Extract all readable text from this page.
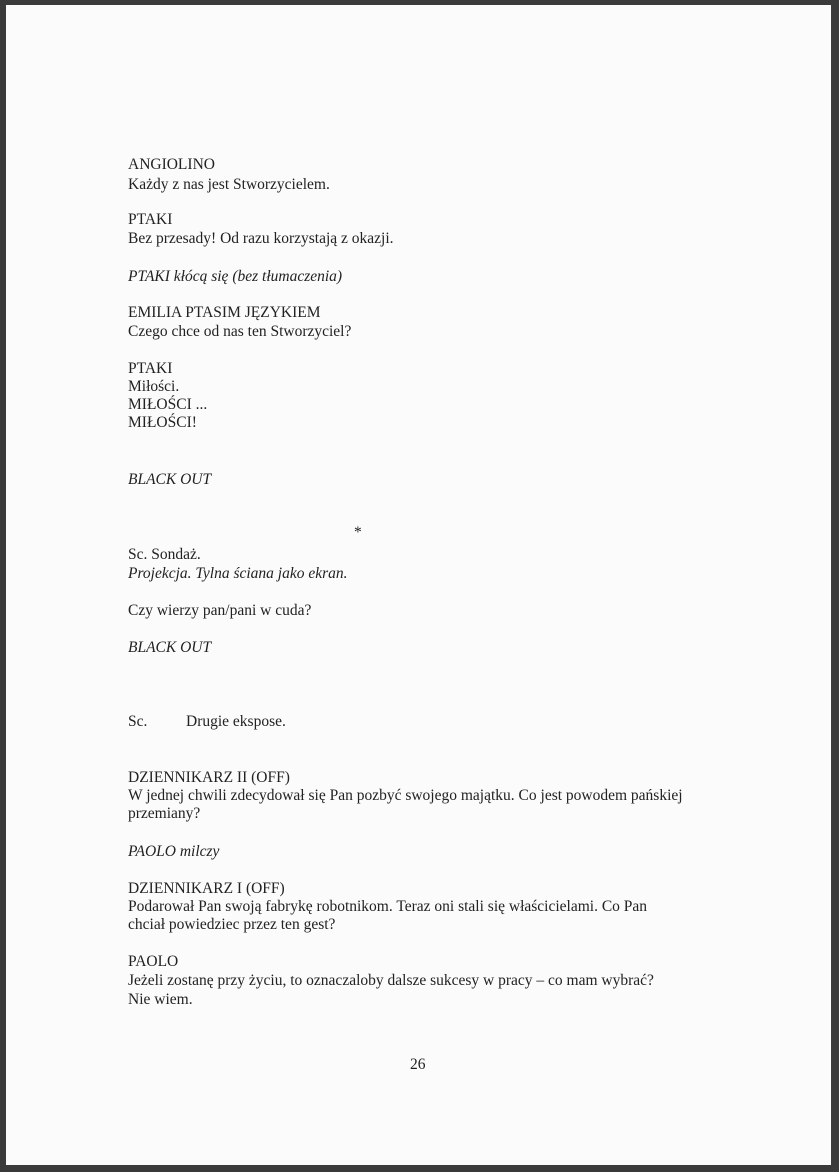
ANGIOLINO

Każdy z nas jest Stworzycielem.

PTAKI

Bez przesady! Od razu korzystają z okazji.

PTAKI kłócą się (bez tłumaczenia)

EMILIA PTASIM JĘZYKIEM

Czego chce od nas ten Stworzyciel?

PTAKI

Miłości.

MIŁOŚCI ...

MIŁOŚCI!

BLACK OUT

*

Sc. Sondaż.

Projekcja. Tylna ściana jako ekran.

Czy wierzy pan/pani w cuda?

BLACK OUT

Sc. Drugie ekspose.

DZIENNIKARZ II (OFF)

W jednej chwili zdecydował się Pan pozbyć swojego majątku. Co jest powodem pańskiej

przemiany?

PAOLO milczy

DZIENNIKARZ I (OFF)

Podarował Pan swoją fabrykę robotnikom. Teraz oni stali się właścicielami. Co Pan

chciał powiedziec przez ten gest?

PAOLO

Jeżeli zostanę przy życiu, to oznaczaloby dalsze sukcesy w pracy – co mam wybrać?

Nie wiem.

26
